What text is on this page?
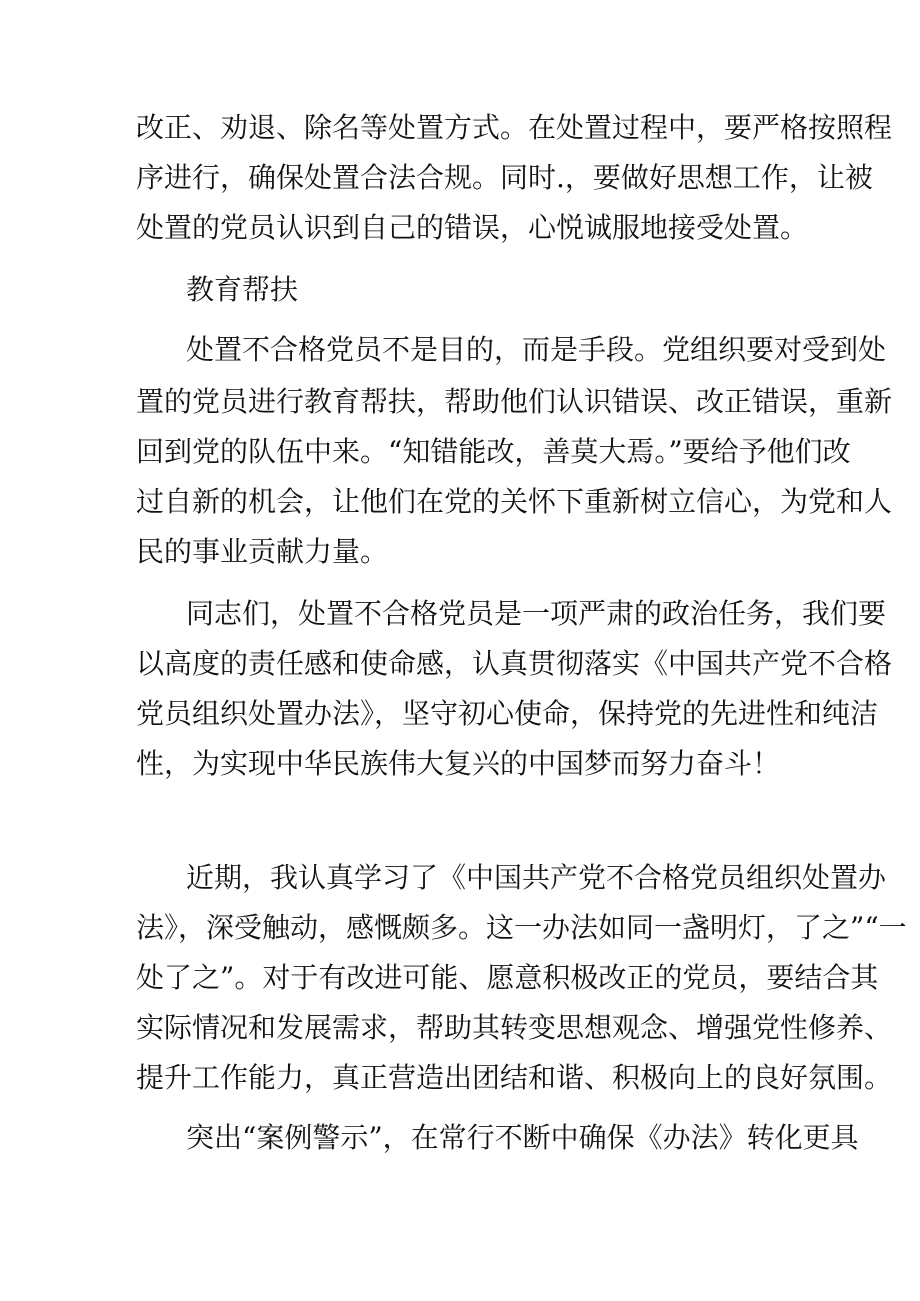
改正、劝退、除名等处置方式。在处置过程中，要严格按照程
序进行，确保处置合法合规。同时.，要做好思想工作，让被
处置的党员认识到自己的错误，心悦诚服地接受处置。
教育帮扶
处置不合格党员不是目的，而是手段。党组织要对受到处
置的党员进行教育帮扶，帮助他们认识错误、改正错误，重新
回到党的队伍中来。“知错能改，善莫大焉。”要给予他们改
过自新的机会，让他们在党的关怀下重新树立信心，为党和人
民的事业贡献力量。
同志们，处置不合格党员是一项严肃的政治任务，我们要
以高度的责任感和使命感，认真贯彻落实《中国共产党不合格
党员组织处置办法》，坚守初心使命，保持党的先进性和纯洁
性，为实现中华民族伟大复兴的中国梦而努力奋斗！
近期，我认真学习了《中国共产党不合格党员组织处置办
法》，深受触动，感慨颇多。这一办法如同一盏明灯，了之”“一
处了之”。对于有改进可能、愿意积极改正的党员，要结合其
实际情况和发展需求，帮助其转变思想观念、增强党性修养、
提升工作能力，真正营造出团结和谐、积极向上的良好氛围。
突出“案例警示”，在常行不断中确保《办法》转化更具
